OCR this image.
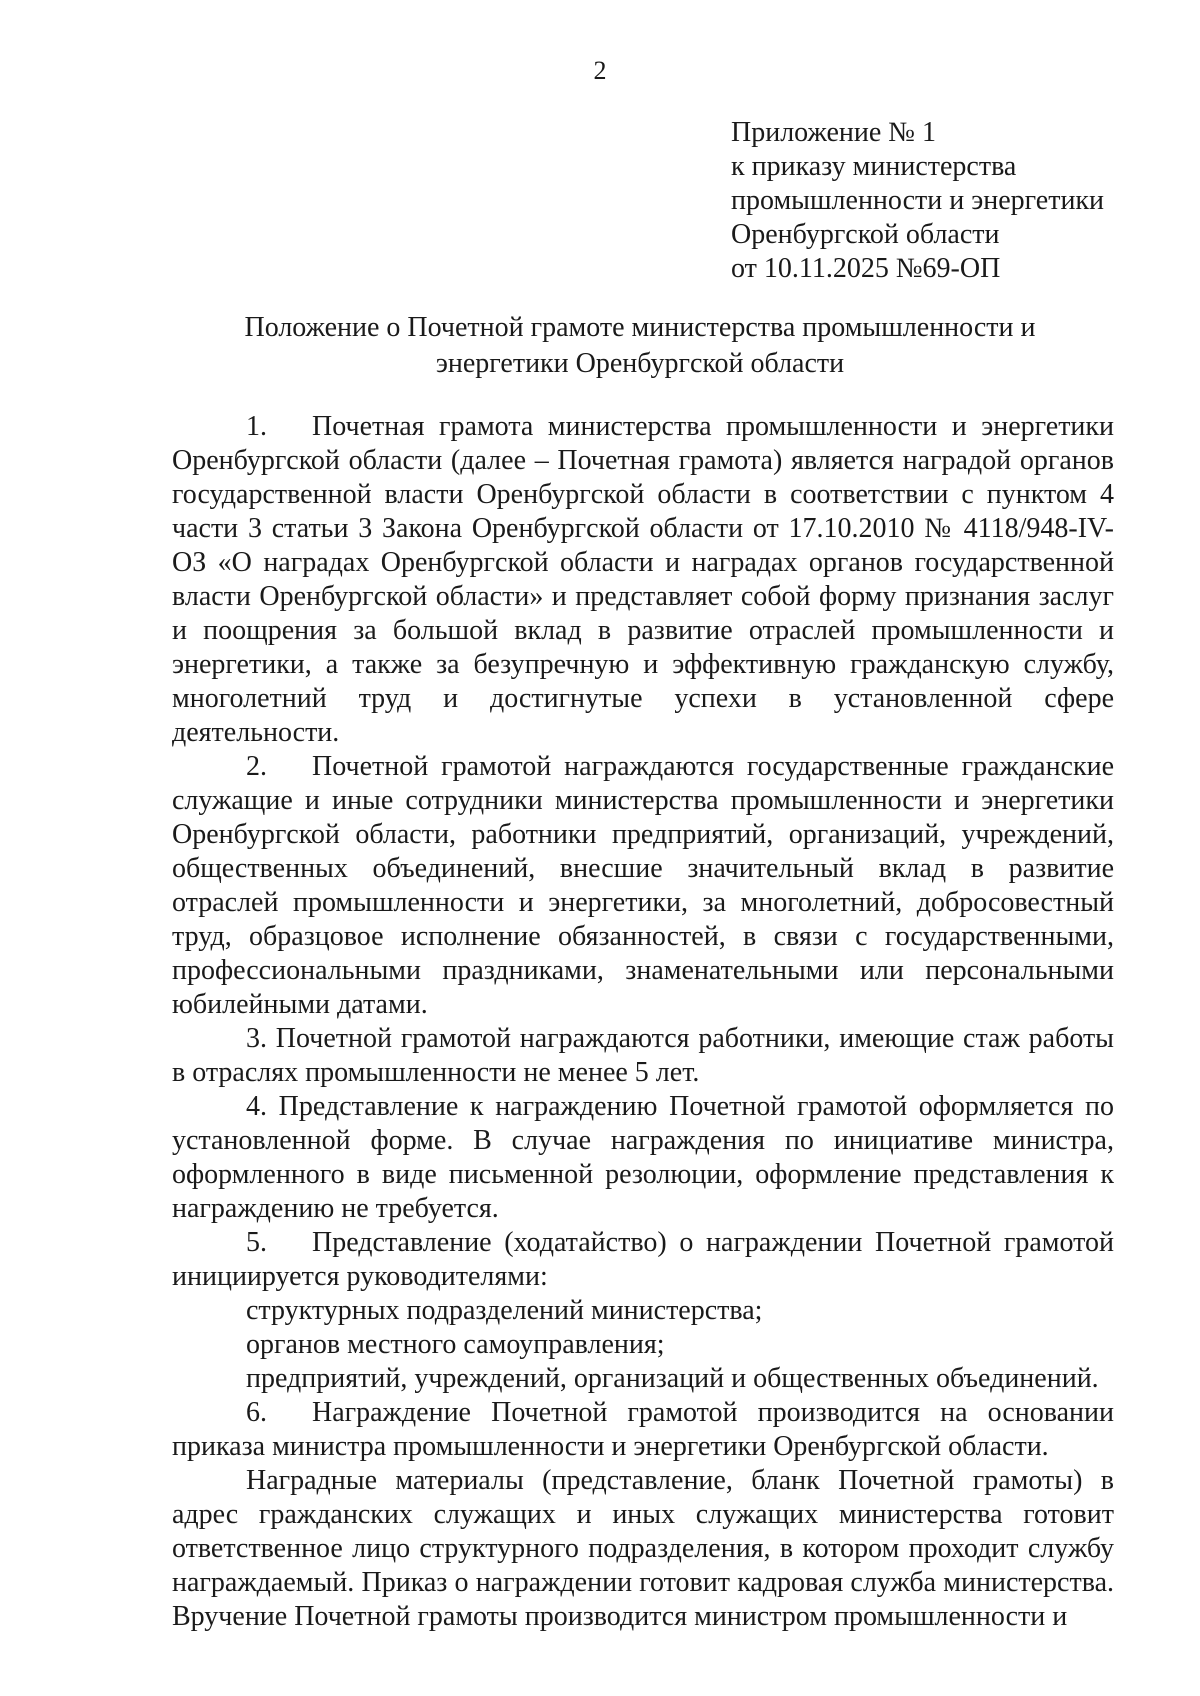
2
Приложение № 1
к приказу министерства
промышленности и энергетики
Оренбургской области
от 10.11.2025 №69-ОП
Положение о Почетной грамоте министерства промышленности и
энергетики Оренбургской области

1. Почетная грамота министерства промышленности и энергетики Оренбургской области (далее – Почетная грамота) является наградой органов государственной власти Оренбургской области в соответствии с пунктом 4 части 3 статьи 3 Закона Оренбургской области от 17.10.2010 № 4118/948-IV-ОЗ «О наградах Оренбургской области и наградах органов государственной власти Оренбургской области» и представляет собой форму признания заслуг и поощрения за большой вклад в развитие отраслей промышленности и энергетики, а также за безупречную и эффективную гражданскую службу, многолетний труд и достигнутые успехи в установленной сфере деятельности.

2. Почетной грамотой награждаются государственные гражданские служащие и иные сотрудники министерства промышленности и энергетики Оренбургской области, работники предприятий, организаций, учреждений, общественных объединений, внесшие значительный вклад в развитие отраслей промышленности и энергетики, за многолетний, добросовестный труд, образцовое исполнение обязанностей, в связи с государственными, профессиональными праздниками, знаменательными или персональными юбилейными датами.

3. Почетной грамотой награждаются работники, имеющие стаж работы в отраслях промышленности не менее 5 лет.

4. Представление к награждению Почетной грамотой оформляется по установленной форме. В случае награждения по инициативе министра, оформленного в виде письменной резолюции, оформление представления к награждению не требуется.

5. Представление (ходатайство) о награждении Почетной грамотой инициируется руководителями:

структурных подразделений министерства;

органов местного самоуправления;

предприятий, учреждений, организаций и общественных объединений.

6. Награждение Почетной грамотой производится на основании приказа министра промышленности и энергетики Оренбургской области.

Наградные материалы (представление, бланк Почетной грамоты) в адрес гражданских служащих и иных служащих министерства готовит ответственное лицо структурного подразделения, в котором проходит службу награждаемый. Приказ о награждении готовит кадровая служба министерства. Вручение Почетной грамоты производится министром промышленности и
